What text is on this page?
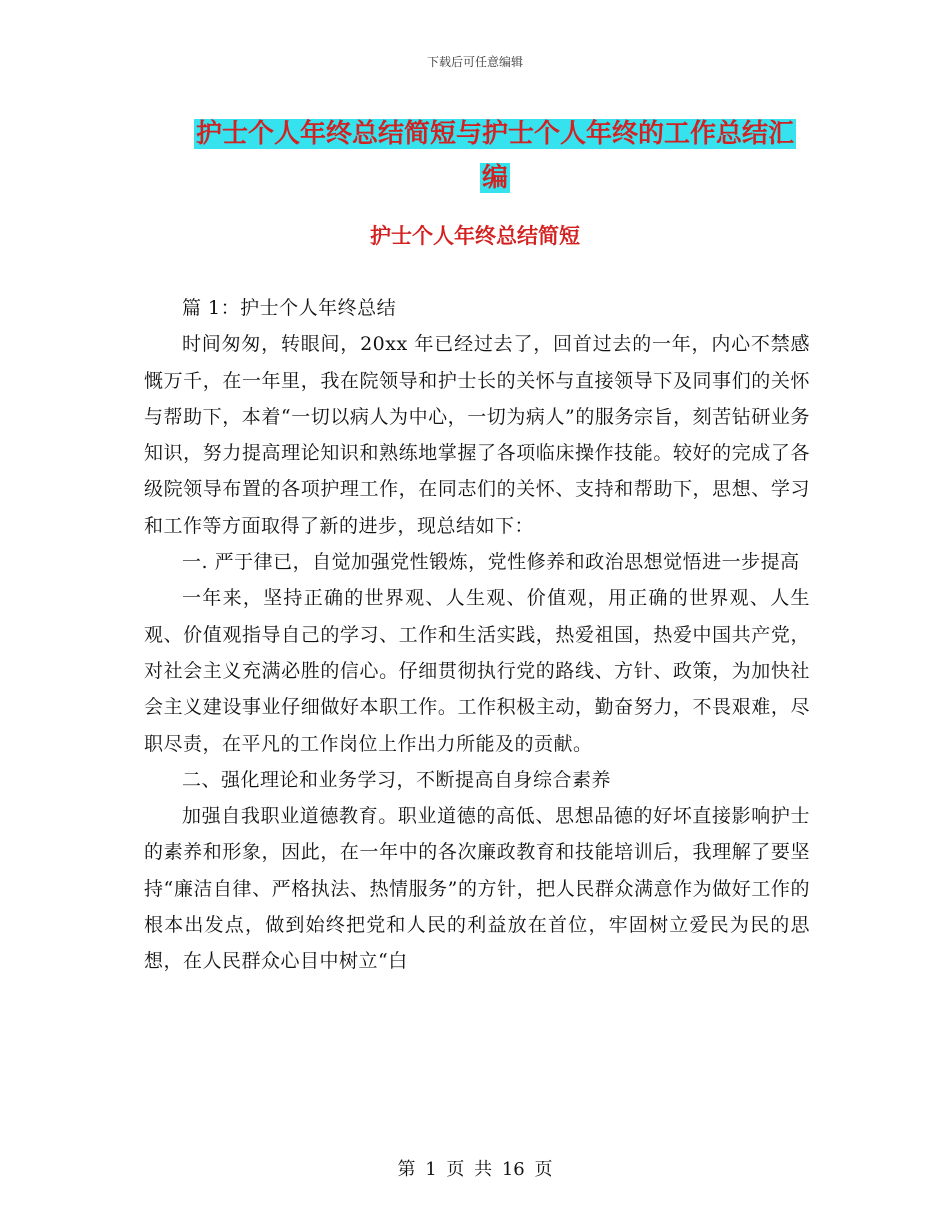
下载后可任意编辑
护士个人年终总结简短与护士个人年终的工作总结汇
编
护士个人年终总结简短

篇 1：护士个人年终总结

时间匆匆，转眼间，20xx 年已经过去了，回首过去的一年，内心不禁感慨万千，在一年里，我在院领导和护士长的关怀与直接领导下及同事们的关怀与帮助下，本着“一切以病人为中心，一切为病人”的服务宗旨，刻苦钻研业务知识，努力提高理论知识和熟练地掌握了各项临床操作技能。较好的完成了各级院领导布置的各项护理工作，在同志们的关怀、支持和帮助下，思想、学习和工作等方面取得了新的进步，现总结如下：

一. 严于律已，自觉加强党性锻炼，党性修养和政治思想觉悟进一步提高

一年来，坚持正确的世界观、人生观、价值观，用正确的世界观、人生观、价值观指导自己的学习、工作和生活实践，热爱祖国，热爱中国共产党，对社会主义充满必胜的信心。仔细贯彻执行党的路线、方针、政策，为加快社会主义建设事业仔细做好本职工作。工作积极主动，勤奋努力，不畏艰难，尽职尽责，在平凡的工作岗位上作出力所能及的贡献。

二、强化理论和业务学习，不断提高自身综合素养

加强自我职业道德教育。职业道德的高低、思想品德的好坏直接影响护士的素养和形象，因此，在一年中的各次廉政教育和技能培训后，我理解了要坚持“廉洁自律、严格执法、热情服务”的方针，把人民群众满意作为做好工作的根本出发点，做到始终把党和人民的利益放在首位，牢固树立爱民为民的思想，在人民群众心目中树立“白

第 1 页 共 16 页
